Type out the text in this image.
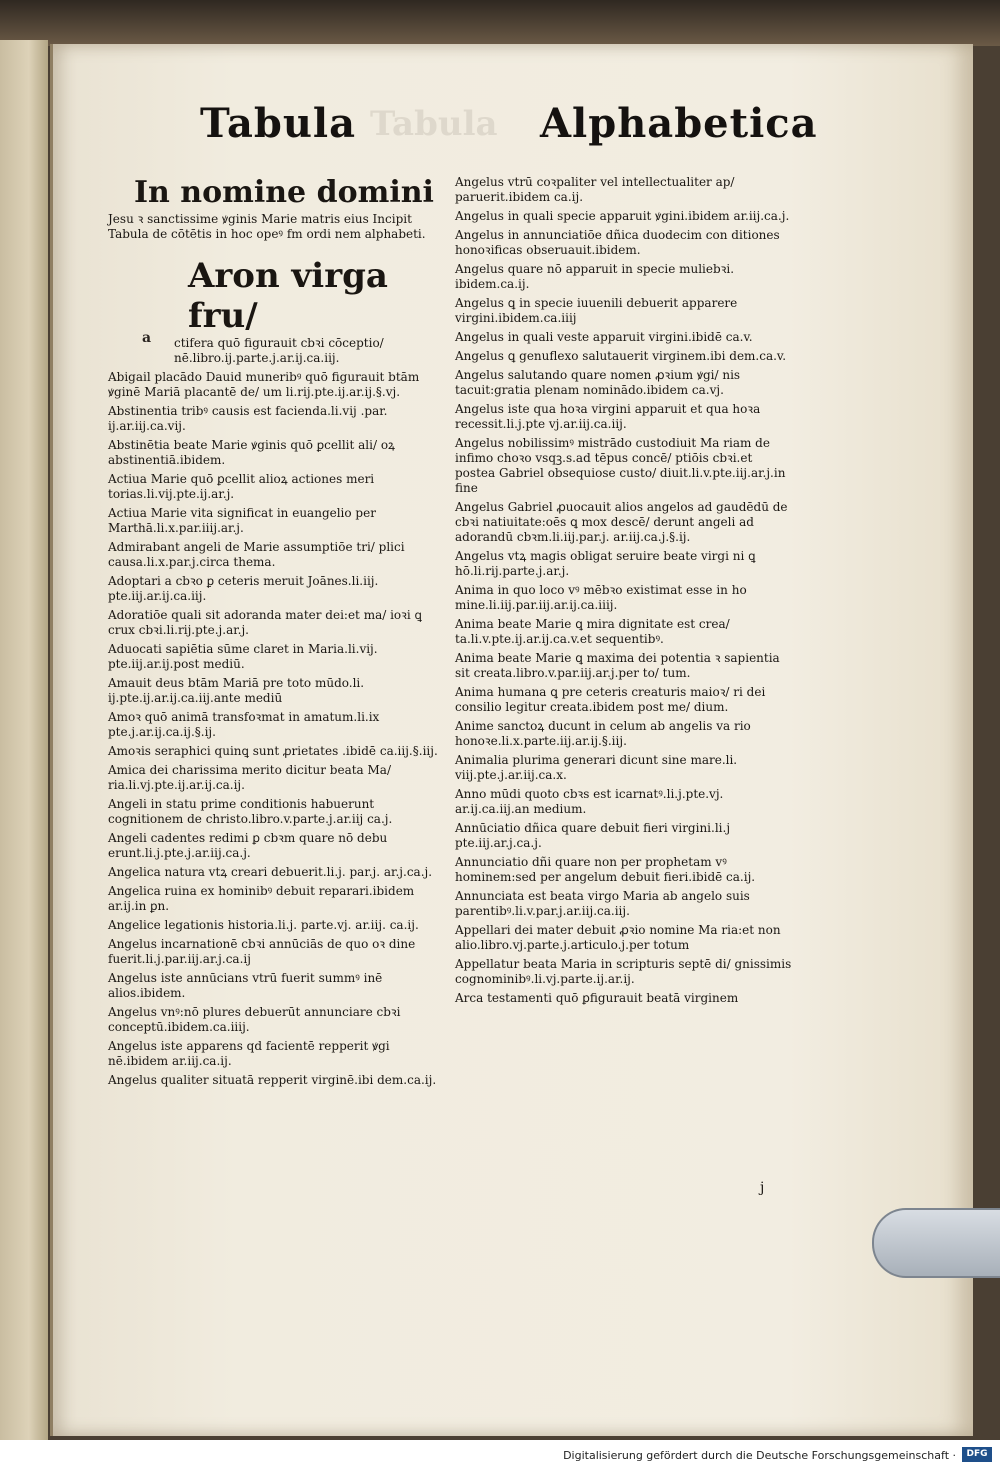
Tabula Tabula Alphabetica
In nomine domini
Jesu ꝛ sanctissime ꝟginis Marie matris eius Incipit Tabula de cōtētis in hoc opeꝰ fm ordi nem alphabeti.
Aron virga fru/
ctifera quō figurauit cbꝛi cōceptio/ nē.libro.ij.parte.j.ar.ij.ca.iij.
Abigail placādo Dauid muneribꝰ quō figurauit btām ꝟginē Mariā placantē de/ um li.rij.pte.ij.ar.ij.§.vj.
Abstinentia tribꝰ causis est facienda.li.vij .par. ij.ar.iij.ca.vij.
Abstinētia beate Marie ꝟginis quō ꝑcellit ali/ oꝝ abstinentiā.ibidem.
Actiua Marie quō ꝑcellit alioꝝ actiones meri torias.li.vij.pte.ij.ar.j.
Actiua Marie vita significat in euangelio per Marthā.li.x.par.iiij.ar.j.
Admirabant angeli de Marie assumptiōe tri/ plici causa.li.x.par.j.circa thema.
Adoptari a cbꝛo ꝑ ceteris meruit Joānes.li.iij. pte.iij.ar.ij.ca.iij.
Adoratiōe quali sit adoranda mater dei:et ma/ ioꝛi ꝗ crux cbꝛi.li.rij.pte.j.ar.j.
Aduocati sapiētia sūme claret in Maria.li.vij. pte.iij.ar.ij.post mediū.
Amauit deus btām Mariā pre toto mūdo.li. ij.pte.ij.ar.ij.ca.iij.ante mediū
Amoꝛ quō animā transfoꝛmat in amatum.li.ix pte.j.ar.ij.ca.ij.§.ij.
Amoꝛis seraphici quinꝗ sunt ꝓrietates .ibidē ca.iij.§.iij.
Amica dei charissima merito dicitur beata Ma/ ria.li.vj.pte.ij.ar.ij.ca.ij.
Angeli in statu prime conditionis habuerunt cognitionem de christo.libro.v.parte.j.ar.iij ca.j.
Angeli cadentes redimi ꝑ cbꝛm quare nō debu erunt.li.j.pte.j.ar.iij.ca.j.
Angelica natura vtꝝ creari debuerit.li.j. par.j. ar.j.ca.j.
Angelica ruina ex hominibꝰ debuit reparari.ibidem ar.ij.in ꝑn.
Angelice legationis historia.li.j. parte.vj. ar.iij. ca.ij.
Angelus incarnationē cbꝛi annūciās de quo oꝛ dine fuerit.li.j.par.iij.ar.j.ca.ij
Angelus iste annūcians vtrū fuerit summꝰ inē alios.ibidem.
Angelus vnꝰ:nō plures debuerūt annunciare cbꝛi conceptū.ibidem.ca.iiij.
Angelus iste apparens qd facientē repperit ꝟgi nē.ibidem ar.iij.ca.ij.
Angelus qualiter situatā repperit virginē.ibi dem.ca.ij.
a
Angelus vtrū coꝛpaliter vel intellectualiter ap/ paruerit.ibidem ca.ij.
Angelus in quali specie apparuit ꝟgini.ibidem ar.iij.ca.j.
Angelus in annunciatiōe dñica duodecim con ditiones honoꝛificas obseruauit.ibidem.
Angelus quare nō apparuit in specie muliebꝛi. ibidem.ca.ij.
Angelus ꝗ in specie iuuenili debuerit apparere virgini.ibidem.ca.iiij
Angelus in quali veste apparuit virgini.ibidē ca.v.
Angelus ꝗ genuflexo salutauerit virginem.ibi dem.ca.v.
Angelus salutando quare nomen ꝓꝛium ꝟgi/ nis tacuit:gratia plenam nominādo.ibidem ca.vj.
Angelus iste qua hoꝛa virgini apparuit et qua hoꝛa recessit.li.j.pte vj.ar.iij.ca.iij.
Angelus nobilissimꝰ mistrādo custodiuit Ma riam de infimo choꝛo vsqꝫ.s.ad tēpus concē/ ptiōis cbꝛi.et postea Gabriel obsequiose custo/ diuit.li.v.pte.iij.ar.j.in fine
Angelus Gabriel ꝓuocauit alios angelos ad gaudēdū de cbꝛi natiuitate:oēs ꝗ mox descē/ derunt angeli ad adorandū cbꝛm.li.iij.par.j. ar.iij.ca.j.§.ij.
Angelus vtꝝ magis obligat seruire beate virgi ni ꝗ hō.li.rij.parte.j.ar.j.
Anima in quo loco vꝰ mēbꝛo existimat esse in ho mine.li.iij.par.iij.ar.ij.ca.iiij.
Anima beate Marie ꝗ mira dignitate est crea/ ta.li.v.pte.ij.ar.ij.ca.v.et sequentibꝰ.
Anima beate Marie ꝗ maxima dei potentia ꝛ sapientia sit creata.libro.v.par.iij.ar.j.per to/ tum.
Anima humana ꝗ pre ceteris creaturis maioꝛ/ ri dei consilio legitur creata.ibidem post me/ dium.
Anime sanctoꝝ ducunt in celum ab angelis va rio honoꝛe.li.x.parte.iij.ar.ij.§.iij.
Animalia plurima generari dicunt sine mare.li. viij.pte.j.ar.iij.ca.x.
Anno mūdi quoto cbꝛs est icarnatꝰ.li.j.pte.vj. ar.ij.ca.iij.an medium.
Annūciatio dñica quare debuit fieri virgini.li.j pte.iij.ar.j.ca.j.
Annunciatio dñi quare non per prophetam vꝰ hominem:sed per angelum debuit fieri.ibidē ca.ij.
Annunciata est beata virgo Maria ab angelo suis parentibꝰ.li.v.par.j.ar.iij.ca.iij.
Appellari dei mater debuit ꝓꝛio nomine Ma ria:et non alio.libro.vj.parte.j.articulo.j.per totum
Appellatur beata Maria in scripturis septē di/ gnissimis cognominibꝰ.li.vj.parte.ij.ar.ij.
Arca testamenti quō ꝑfigurauit beatā virginem
j
Digitalisierung gefördert durch die Deutsche Forschungsgemeinschaft ·	DFG
